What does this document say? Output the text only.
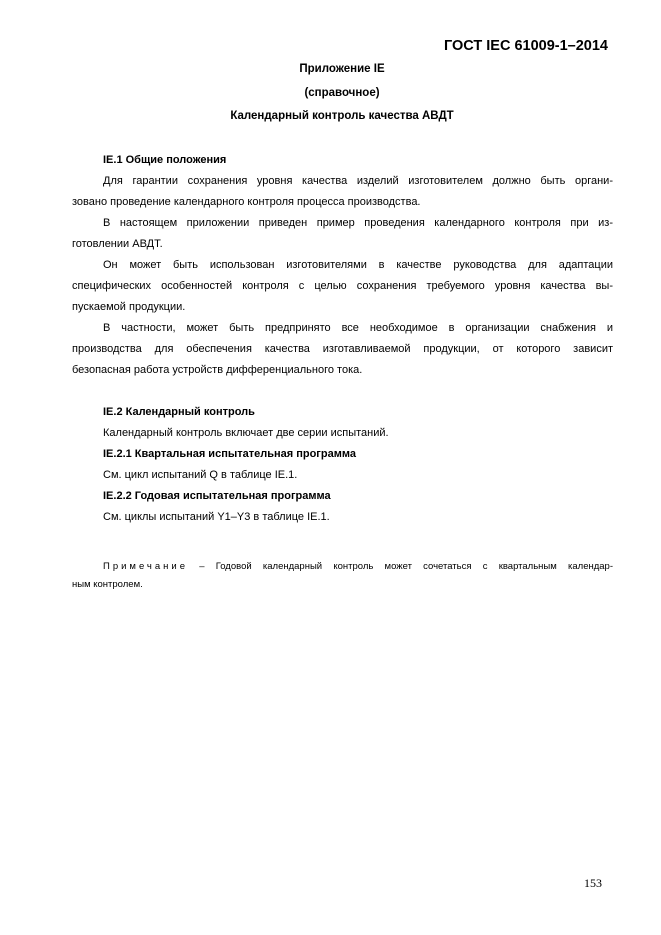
ГОСТ IEC 61009-1–2014
Приложение IE
(справочное)
Календарный контроль качества АВДТ
IE.1 Общие положения

Для гарантии сохранения уровня качества изделий изготовителем должно быть органи-

зовано проведение календарного контроля процесса производства.

В настоящем приложении приведен пример проведения календарного контроля при из-

готовлении АВДТ.

Он может быть использован изготовителями в качестве руководства для адаптации

специфических особенностей контроля с целью сохранения требуемого уровня качества вы-
пускаемой продукции.

В частности, может быть предпринято все необходимое в организации снабжения и

производства для обеспечения качества изготавливаемой продукции, от которого зависит
безопасная работа устройств дифференциального тока.
IE.2 Календарный контроль

Календарный контроль включает две серии испытаний.

IE.2.1 Квартальная испытательная программа

См. цикл испытаний Q в таблице IE.1.

IE.2.2 Годовая испытательная программа

См. циклы испытаний Y1–Y3 в таблице IE.1.

Примечание – Годовой календарный контроль может сочетаться с квартальным календар-
ным контролем.
153
